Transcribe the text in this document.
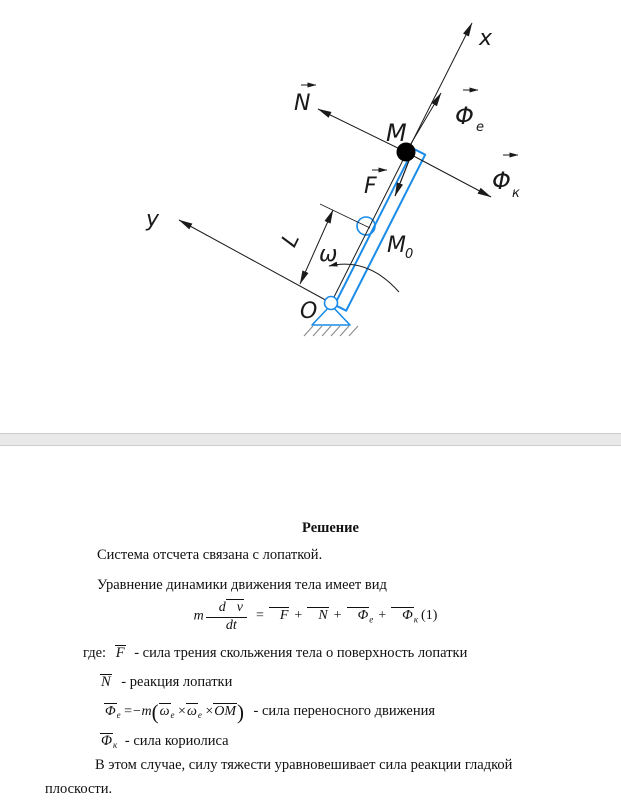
x
y
N
M
F
Φ е
Φ к
M 0
ω
O
L
Решение
Система отсчета связана с лопаткой.
Уравнение динамики движения тела имеет вид
m $\frac{\text{d v}}{dt} = F + N + \Phi_е + \Phi_к$ (1)
где: F - сила трения скольжения тела о поверхность лопатки
N - реакция лопатки
$\Phi_е =-m(\omega_е \times\omega_е \times OM)$ - сила переносного движения
$\Phi_к$ - сила кориолиса
В этом случае, силу тяжести уравновешивает сила реакции гладкой
плоскости.
